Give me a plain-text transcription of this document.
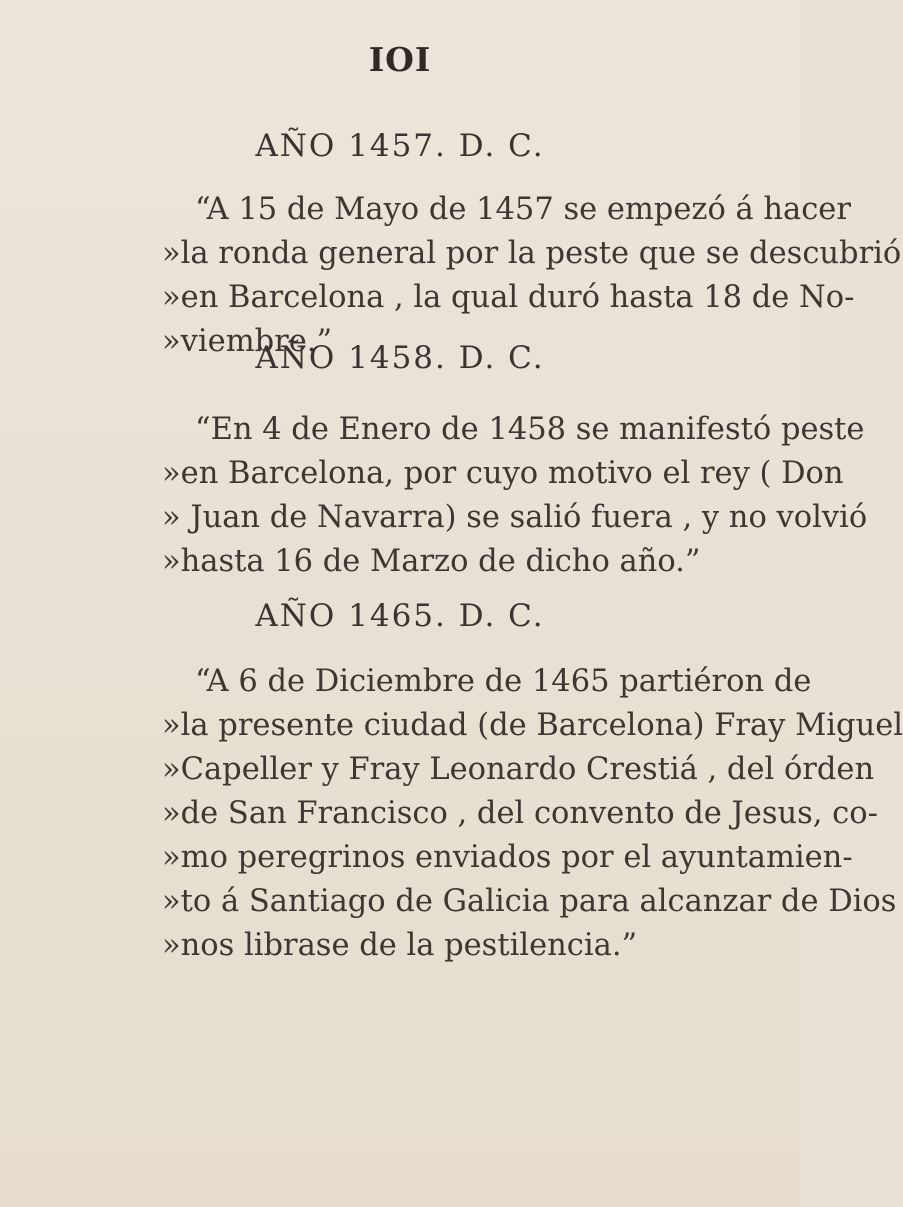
IOI
AÑO 1457. D. C.
“A 15 de Mayo de 1457 se empezó á hacer
»la ronda general por la peste que se descubrió
»en Barcelona , la qual duró hasta 18 de No-
»viembre.”
AÑO 1458. D. C.
“En 4 de Enero de 1458 se manifestó peste
»en Barcelona, por cuyo motivo el rey ( Don
» Juan de Navarra) se salió fuera , y no volvió
»hasta 16 de Marzo de dicho año.”
AÑO 1465. D. C.
“A 6 de Diciembre de 1465 partiéron de
»la presente ciudad (de Barcelona) Fray Miguel
»Capeller y Fray Leonardo Crestiá , del órden
»de San Francisco , del convento de Jesus, co-
»mo peregrinos enviados por el ayuntamien-
»to á Santiago de Galicia para alcanzar de Dios
»nos librase de la pestilencia.”
